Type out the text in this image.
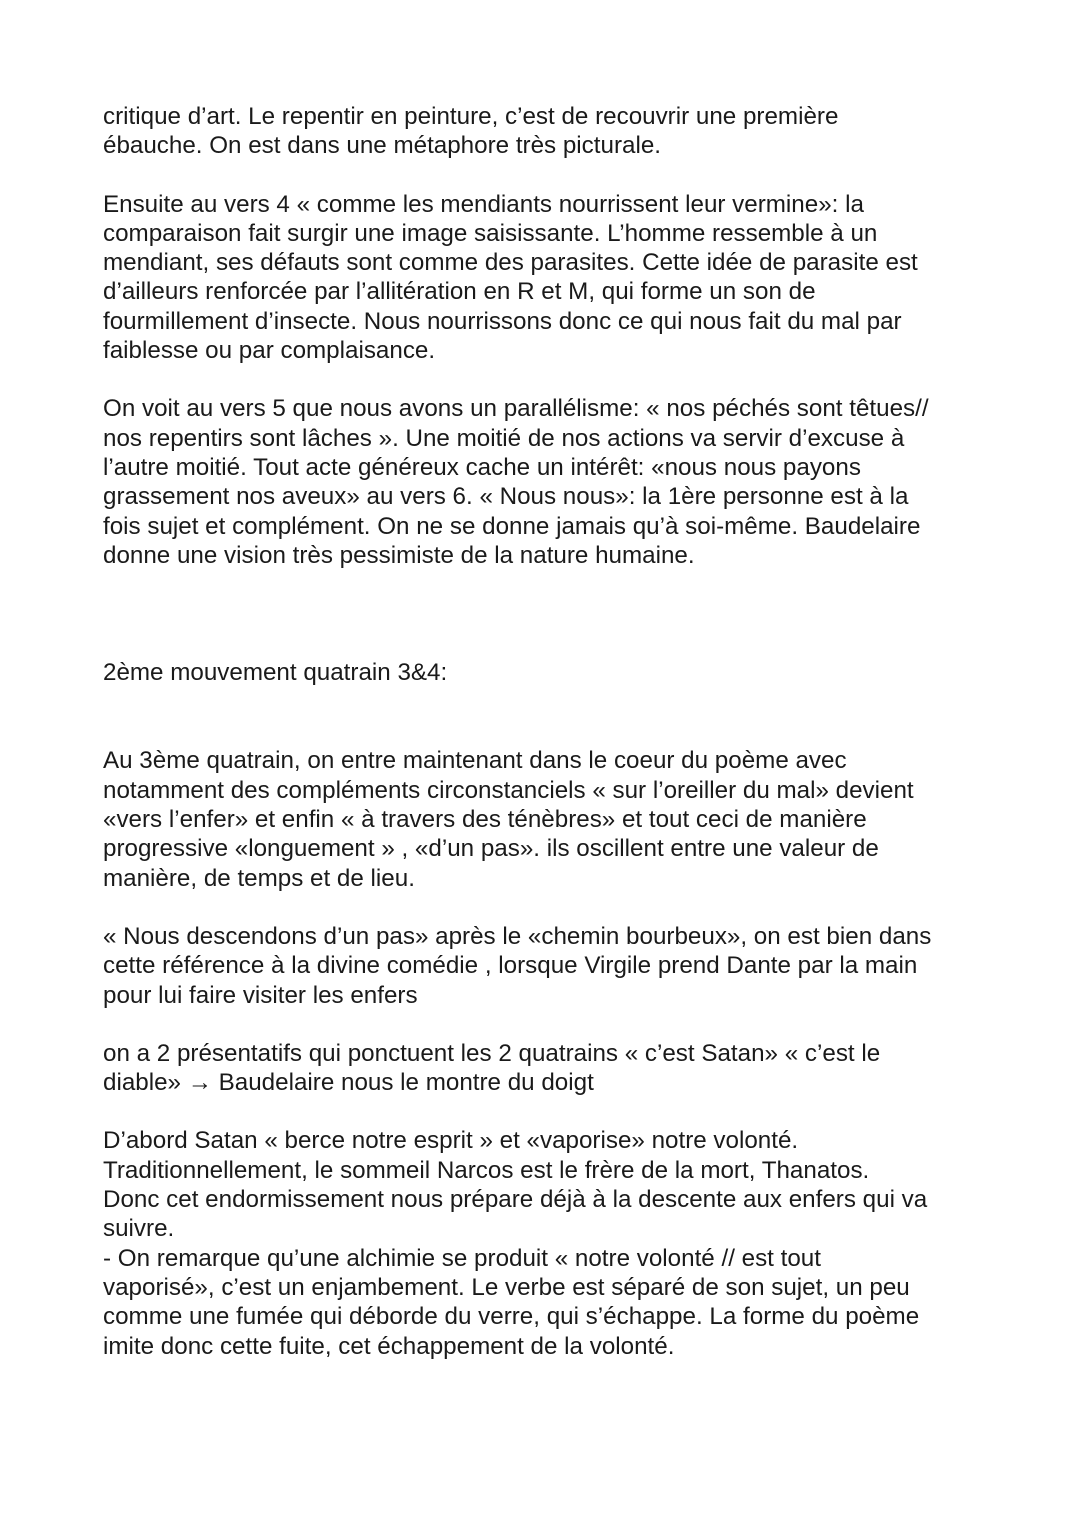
critique d’art. Le repentir en peinture, c’est de recouvrir une première
ébauche. On est dans une métaphore très picturale.

Ensuite au vers 4 « comme les mendiants nourrissent leur vermine»: la
comparaison fait surgir une image saisissante. L’homme ressemble à un
mendiant, ses défauts sont comme des parasites. Cette idée de parasite est
d’ailleurs renforcée par l’allitération en R et M, qui forme un son de
fourmillement d’insecte. Nous nourrissons donc ce qui nous fait du mal par
faiblesse ou par complaisance.

On voit au vers 5 que nous avons un parallélisme: « nos péchés sont têtues//
nos repentirs sont lâches ». Une moitié de nos actions va servir d’excuse à
l’autre moitié. Tout acte généreux cache un intérêt: «nous nous payons
grassement nos aveux» au vers 6. « Nous nous»: la 1ère personne est à la
fois sujet et complément. On ne se donne jamais qu’à soi-même. Baudelaire
donne une vision très pessimiste de la nature humaine.

2ème mouvement quatrain 3&4:

Au 3ème quatrain, on entre maintenant dans le coeur du poème avec
notamment des compléments circonstanciels « sur l’oreiller du mal» devient
«vers l’enfer» et enfin « à travers des ténèbres» et tout ceci de manière
progressive «longuement » , «d’un pas». ils oscillent entre une valeur de
manière, de temps et de lieu.

« Nous descendons d’un pas» après le «chemin bourbeux», on est bien dans
cette référence à la divine comédie , lorsque Virgile prend Dante par la main
pour lui faire visiter les enfers

on a 2 présentatifs qui ponctuent les 2 quatrains « c’est Satan» « c’est le
diable» → Baudelaire nous le montre du doigt

D’abord Satan « berce notre esprit » et «vaporise» notre volonté.
Traditionnellement, le sommeil Narcos est le frère de la mort, Thanatos.
Donc cet endormissement nous prépare déjà à la descente aux enfers qui va
suivre.
- On remarque qu’une alchimie se produit « notre volonté // est tout
vaporisé», c’est un enjambement. Le verbe est séparé de son sujet, un peu
comme une fumée qui déborde du verre, qui s’échappe. La forme du poème
imite donc cette fuite, cet échappement de la volonté.
